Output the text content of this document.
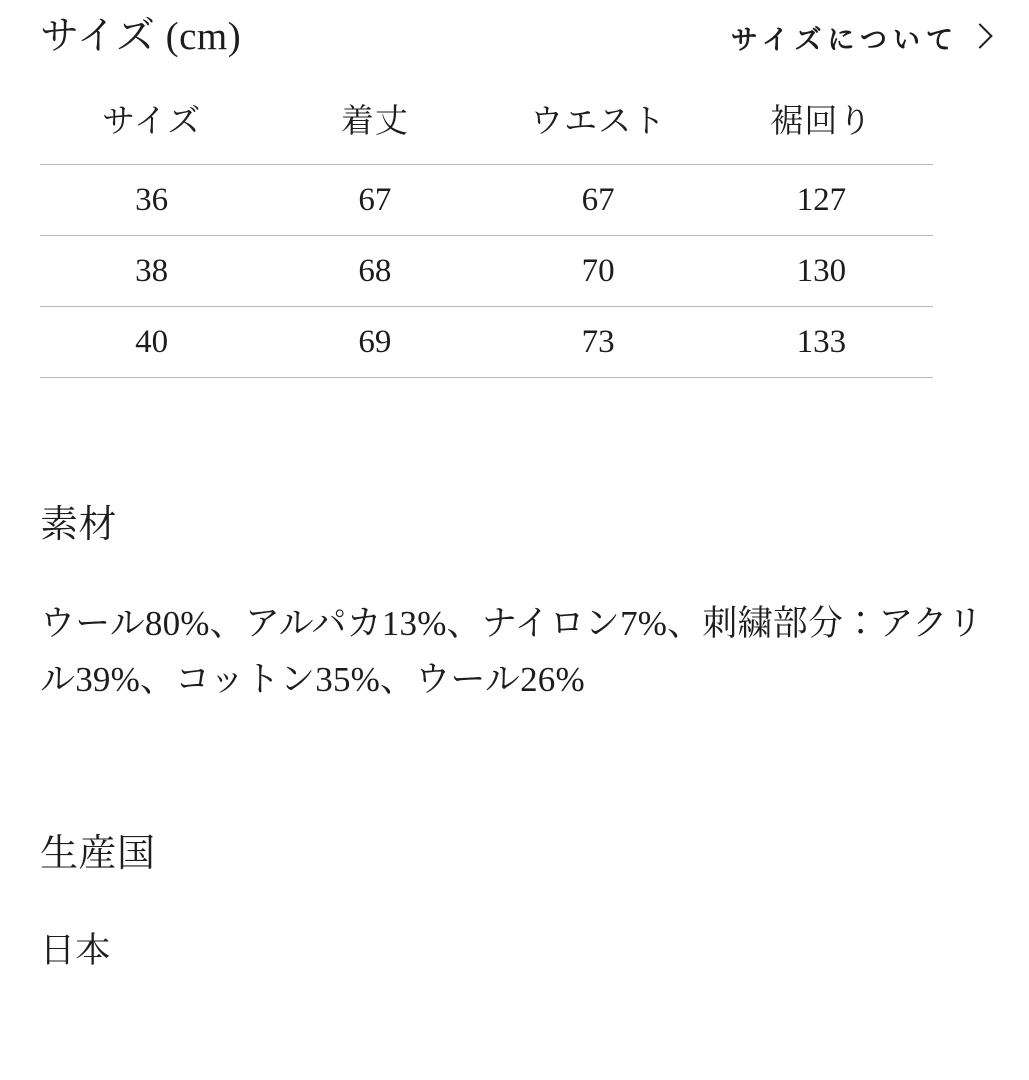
サイズ (cm)	サイズについて
サイズ	着丈	ウエスト	裾回り
36	67	67	127
38	68	70	130
40	69	73	133
素材
ウール80%、アルパカ13%、ナイロン7%、刺繍部分：アクリル39%、コットン35%、ウール26%
生産国
日本
